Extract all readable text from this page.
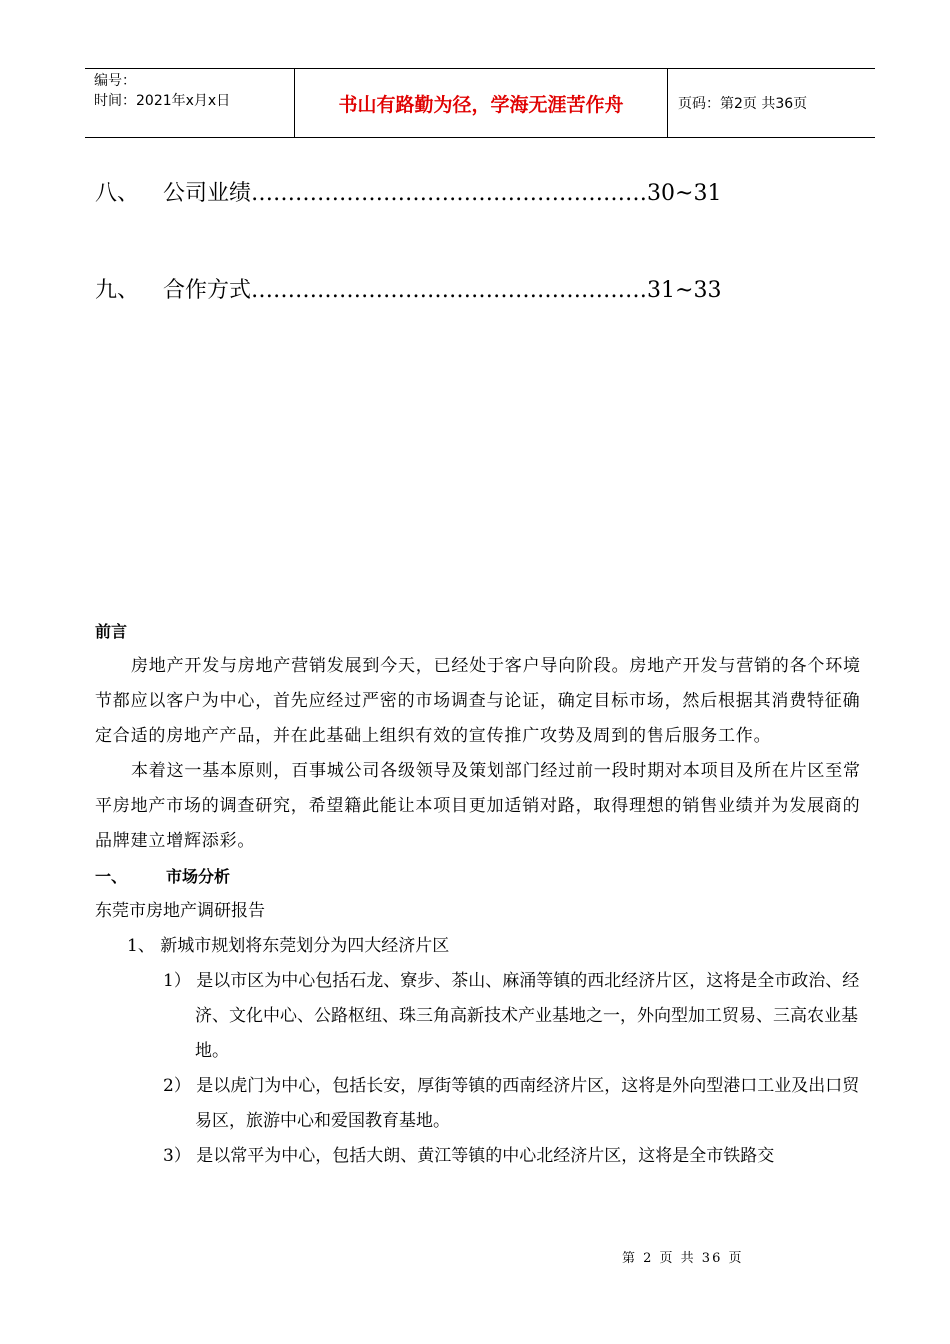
编号：
时间：2021年x月x日	书山有路勤为径，学海无涯苦作舟	页码：第2页 共36页
八、 公司业绩………………………………………………30~31
九、 合作方式………………………………………………31~33

前言

房地产开发与房地产营销发展到今天，已经处于客户导向阶段。房地产开发与营销的各个环境节都应以客户为中心，首先应经过严密的市场调查与论证，确定目标市场，然后根据其消费特征确定合适的房地产产品，并在此基础上组织有效的宣传推广攻势及周到的售后服务工作。

本着这一基本原则，百事城公司各级领导及策划部门经过前一段时期对本项目及所在片区至常平房地产市场的调查研究，希望籍此能让本项目更加适销对路，取得理想的销售业绩并为发展商的品牌建立增辉添彩。

一、       市场分析

东莞市房地产调研报告

1、 新城市规划将东莞划分为四大经济片区

1） 是以市区为中心包括石龙、寮步、茶山、麻涌等镇的西北经济片区，这将是全市政治、经济、文化中心、公路枢纽、珠三角高新技术产业基地之一，外向型加工贸易、三高农业基地。

2） 是以虎门为中心，包括长安，厚街等镇的西南经济片区，这将是外向型港口工业及出口贸易区，旅游中心和爱国教育基地。

3） 是以常平为中心，包括大朗、黄江等镇的中心北经济片区，这将是全市铁路交

第 2 页 共 36 页
